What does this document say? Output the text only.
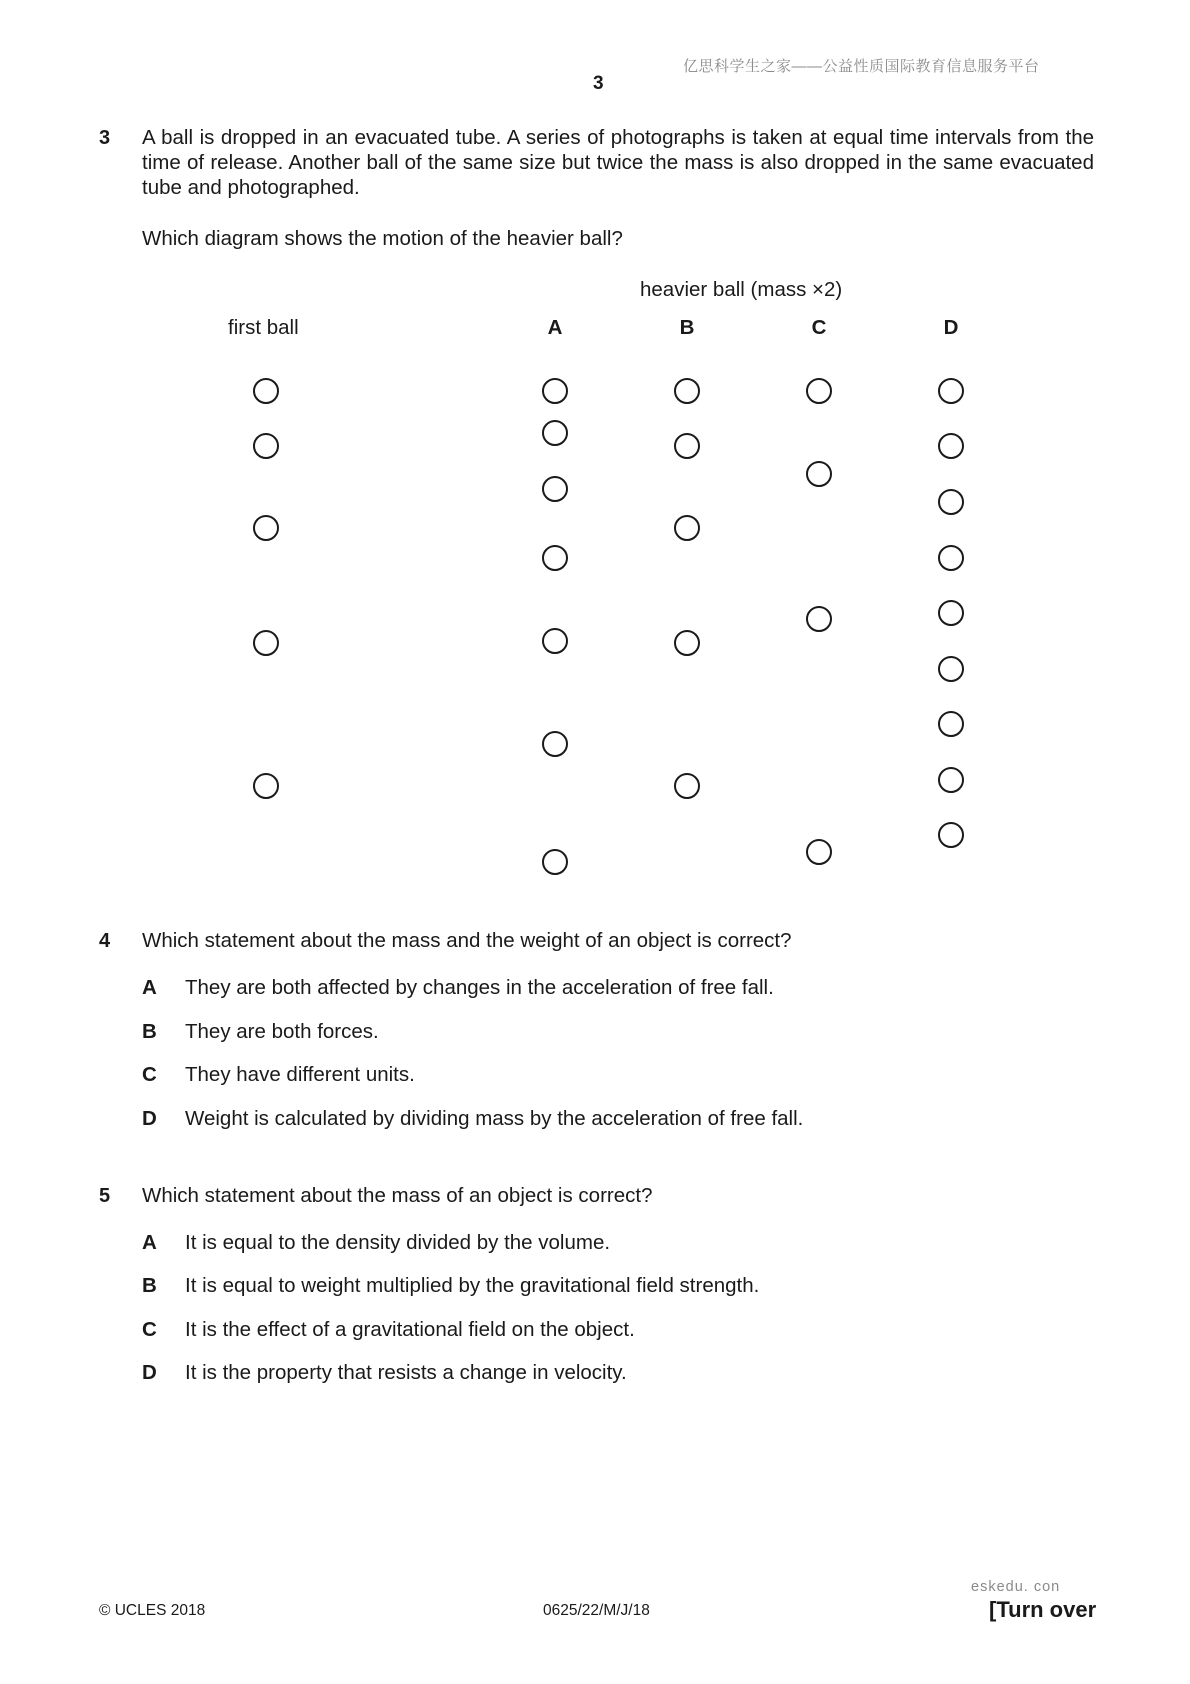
亿思科学生之家——公益性质国际教育信息服务平台
3
3 A ball is dropped in an evacuated tube. A series of photographs is taken at equal time intervals from the time of release. Another ball of the same size but twice the mass is also dropped in the same evacuated tube and photographed.
Which diagram shows the motion of the heavier ball?
heavier ball (mass ×2)
first ball	A	B	C	D
4 Which statement about the mass and the weight of an object is correct?
A They are both affected by changes in the acceleration of free fall.
B They are both forces.
C They have different units.
D Weight is calculated by dividing mass by the acceleration of free fall.
5 Which statement about the mass of an object is correct?
A It is equal to the density divided by the volume.
B It is equal to weight multiplied by the gravitational field strength.
C It is the effect of a gravitational field on the object.
D It is the property that resists a change in velocity.
eskedu. con
© UCLES 2018	0625/22/M/J/18	[Turn over
